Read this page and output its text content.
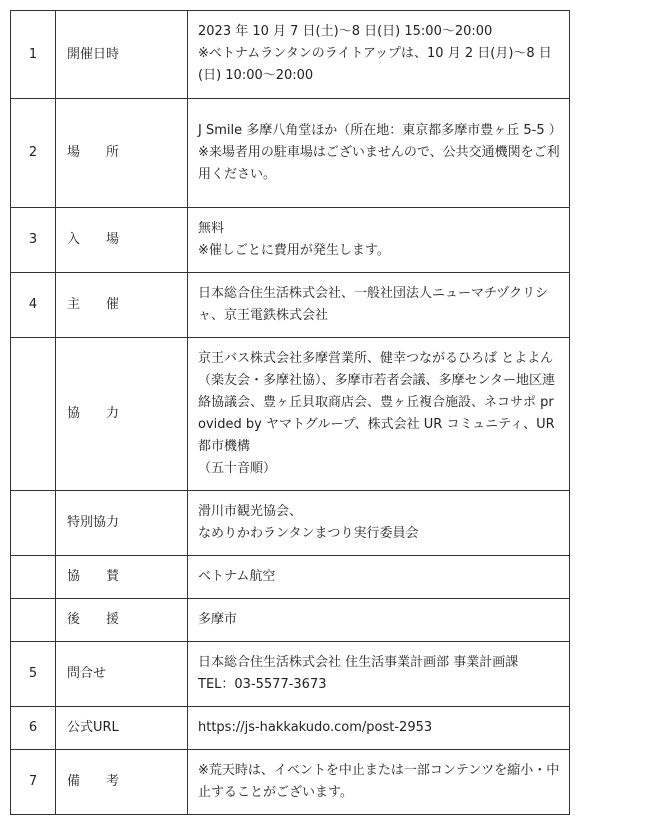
1	開催日時	2023 年 10 月 7 日(土)〜8 日(日) 15:00〜20:00
※ベトナムランタンのライトアップは、10 月 2 日(月)〜8 日(日) 10:00〜20:00

2	場　　所	J Smile 多摩八角堂ほか（所在地：東京都多摩市豊ヶ丘 5-5 ）
※来場者用の駐車場はございませんので、公共交通機関をご利用ください。

3	入　　場	無料
※催しごとに費用が発生します。

4	主　　催	日本総合住生活株式会社、一般社団法人ニューマチヅクリシャ、京王電鉄株式会社

	協　　力	京王バス株式会社多摩営業所、健幸つながるひろば とよよん（楽友会・多摩社協）、多摩市若者会議、多摩センター地区連絡協議会、豊ヶ丘貝取商店会、豊ヶ丘複合施設、ネコサポ provided by ヤマトグループ、株式会社 UR コミュニティ、UR 都市機構
（五十音順）

	特別協力	滑川市観光協会、
なめりかわランタンまつり実行委員会

	協　　賛	ベトナム航空

	後　　援	多摩市

5	問合せ	日本総合住生活株式会社 住生活事業計画部 事業計画課
TEL：03-5577-3673

6	公式URL	https://js-hakkakudo.com/post-2953

7	備　　考	※荒天時は、イベントを中止または一部コンテンツを縮小・中止することがございます。
